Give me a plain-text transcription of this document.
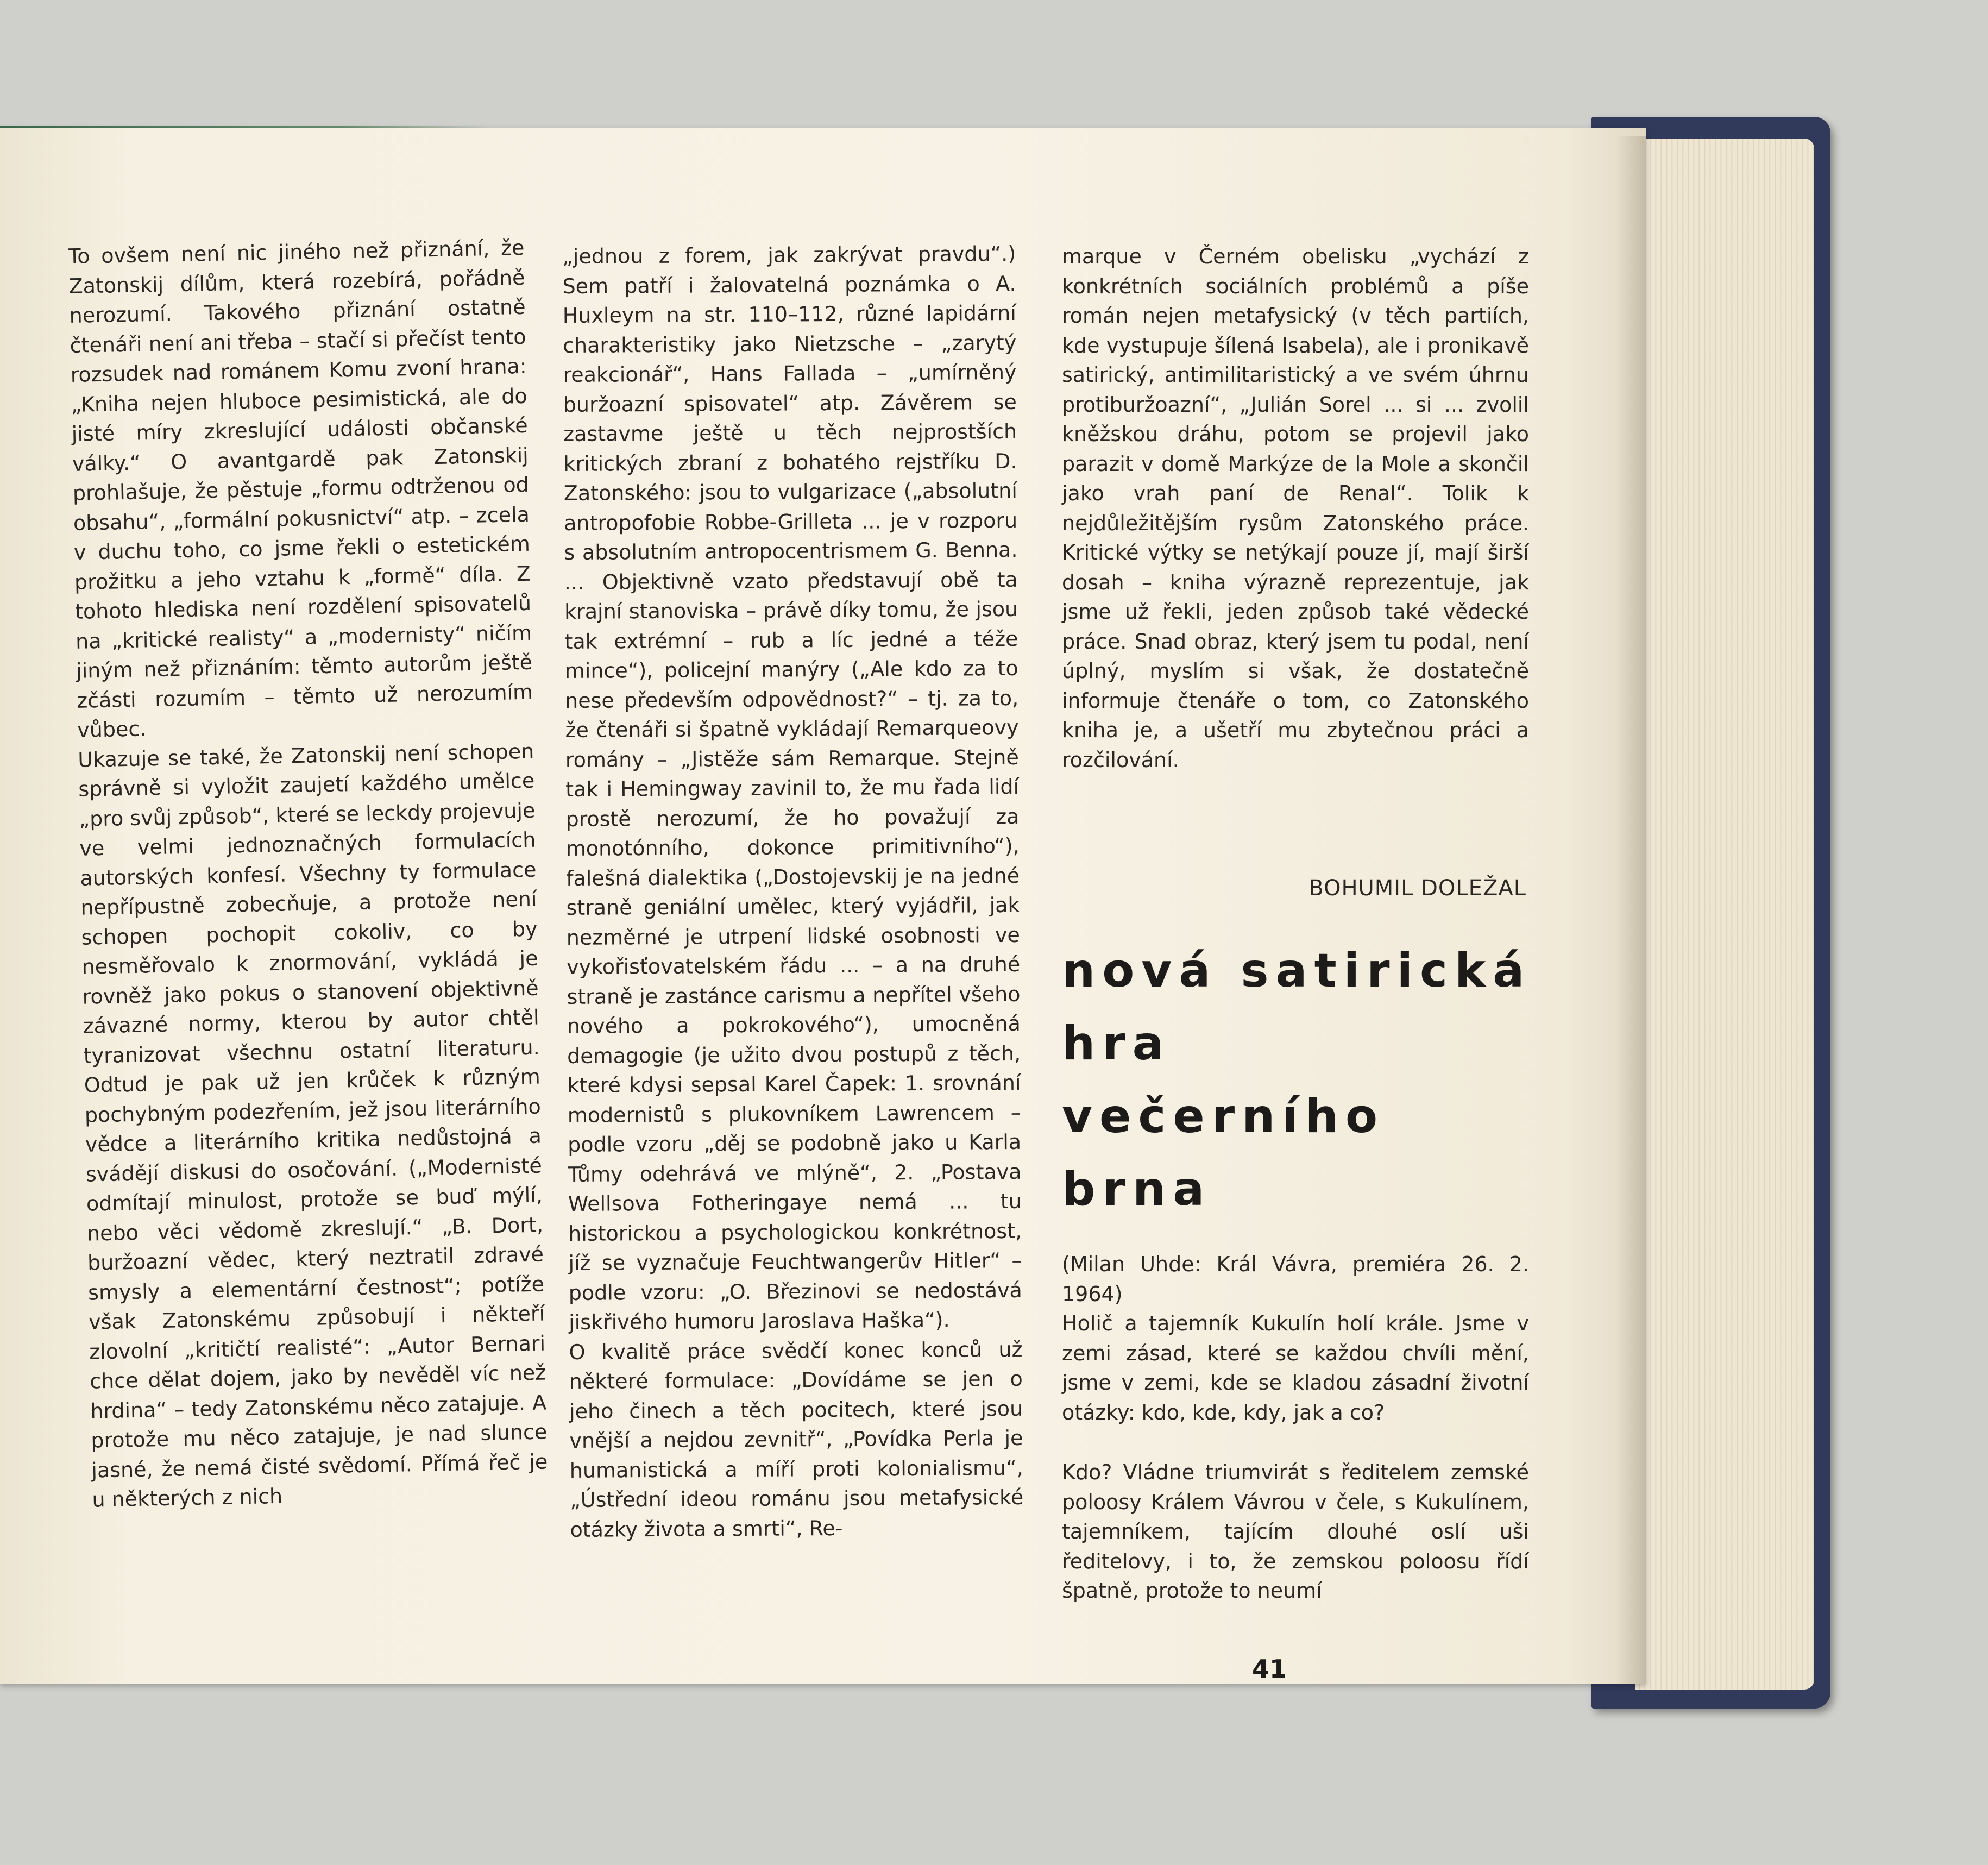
To ovšem není nic jiného než přiznání, že Zatonskij dílům, která rozebírá, pořádně nerozumí. Takového přiznání ostatně čtenáři není ani třeba – stačí si přečíst tento rozsudek nad románem Komu zvoní hrana: „Kniha nejen hluboce pesimistická, ale do jisté míry zkreslující události občanské války.“ O avantgardě pak Zatonskij prohlašuje, že pěstuje „formu odtrženou od obsahu“, „formální pokusnictví“ atp. – zcela v duchu toho, co jsme řekli o estetickém prožitku a jeho vztahu k „formě“ díla. Z tohoto hlediska není rozdělení spisovatelů na „kritické realisty“ a „modernisty“ ničím jiným než přiznáním: těmto autorům ještě zčásti rozumím – těmto už nerozumím vůbec.

Ukazuje se také, že Zatonskij není schopen správně si vyložit zaujetí každého umělce „pro svůj způsob“, které se leckdy projevuje ve velmi jednoznačných formulacích autorských konfesí. Všechny ty formulace nepřípustně zobecňuje, a protože není schopen pochopit cokoliv, co by nesměřovalo k znormování, vykládá je rovněž jako pokus o stanovení objektivně závazné normy, kterou by autor chtěl tyranizovat všechnu ostatní literaturu. Odtud je pak už jen krůček k různým pochybným podezřením, jež jsou literárního vědce a literárního kritika nedůstojná a svádějí diskusi do osočování. („Modernisté odmítají minulost, protože se buď mýlí, nebo věci vědomě zkreslují.“ „B. Dort, buržoazní vědec, který neztratil zdravé smysly a elementární čestnost“; potíže však Zatonskému způsobují i někteří zlovolní „kritičtí realisté“: „Autor Bernari chce dělat dojem, jako by nevěděl víc než hrdina“ – tedy Zatonskému něco zatajuje. A protože mu něco zatajuje, je nad slunce jasné, že nemá čisté svědomí. Přímá řeč je u některých z nich

„jednou z forem, jak zakrývat pravdu“.) Sem patří i žalovatelná poznámka o A. Huxleym na str. 110–112, různé lapidární charakteristiky jako Nietzsche – „zarytý reakcionář“, Hans Fallada – „umírněný buržoazní spisovatel“ atp. Závěrem se zastavme ještě u těch nejprostších kritických zbraní z bohatého rejstříku D. Zatonského: jsou to vulgarizace („absolutní antropofobie Robbe-Grilleta ... je v rozporu s absolutním antropocentrismem G. Benna. ... Objektivně vzato představují obě ta krajní stanoviska – právě díky tomu, že jsou tak extrémní – rub a líc jedné a téže mince“), policejní manýry („Ale kdo za to nese především odpovědnost?“ – tj. za to, že čtenáři si špatně vykládají Remarqueovy romány – „Jistěže sám Remarque. Stejně tak i Hemingway zavinil to, že mu řada lidí prostě nerozumí, že ho považují za monotónního, dokonce primitivního“), falešná dialektika („Dostojevskij je na jedné straně geniální umělec, který vyjádřil, jak nezměrné je utrpení lidské osobnosti ve vykořisťovatelském řádu ... – a na druhé straně je zastánce carismu a nepřítel všeho nového a pokrokového“), umocněná demagogie (je užito dvou postupů z těch, které kdysi sepsal Karel Čapek: 1. srovnání modernistů s plukovníkem Lawrencem – podle vzoru „děj se podobně jako u Karla Tůmy odehrává ve mlýně“, 2. „Postava Wellsova Fotheringaye nemá ... tu historickou a psychologickou konkrétnost, jíž se vyznačuje Feuchtwangerův Hitler“ – podle vzoru: „O. Březinovi se nedostává jiskřivého humoru Jaroslava Haška“).

O kvalitě práce svědčí konec konců už některé formulace: „Dovídáme se jen o jeho činech a těch pocitech, které jsou vnější a nejdou zevnitř“, „Povídka Perla je humanistická a míří proti kolonialismu“, „Ústřední ideou románu jsou metafysické otázky života a smrti“, Re-

marque v Černém obelisku „vychází z konkrétních sociálních problémů a píše román nejen metafysický (v těch partiích, kde vystupuje šílená Isabela), ale i pronikavě satirický, antimilitaristický a ve svém úhrnu protiburžoazní“, „Julián Sorel ... si ... zvolil kněžskou dráhu, potom se projevil jako parazit v domě Markýze de la Mole a skončil jako vrah paní de Renal“. Tolik k nejdůležitějším rysům Zatonského práce. Kritické výtky se netýkají pouze jí, mají širší dosah – kniha výrazně reprezentuje, jak jsme už řekli, jeden způsob také vědecké práce. Snad obraz, který jsem tu podal, není úplný, myslím si však, že dostatečně informuje čtenáře o tom, co Zatonského kniha je, a ušetří mu zbytečnou práci a rozčilování.

BOHUMIL DOLEŽAL
nová satirická
hra
večerního
brna

(Milan Uhde: Král Vávra, premiéra 26. 2. 1964)

Holič a tajemník Kukulín holí krále. Jsme v zemi zásad, které se každou chvíli mění, jsme v zemi, kde se kladou zásadní životní otázky: kdo, kde, kdy, jak a co?

Kdo? Vládne triumvirát s ředitelem zemské poloosy Králem Vávrou v čele, s Kukulínem, tajemníkem, tajícím dlouhé oslí uši ředitelovy, i to, že zemskou poloosu řídí špatně, protože to neumí

41
